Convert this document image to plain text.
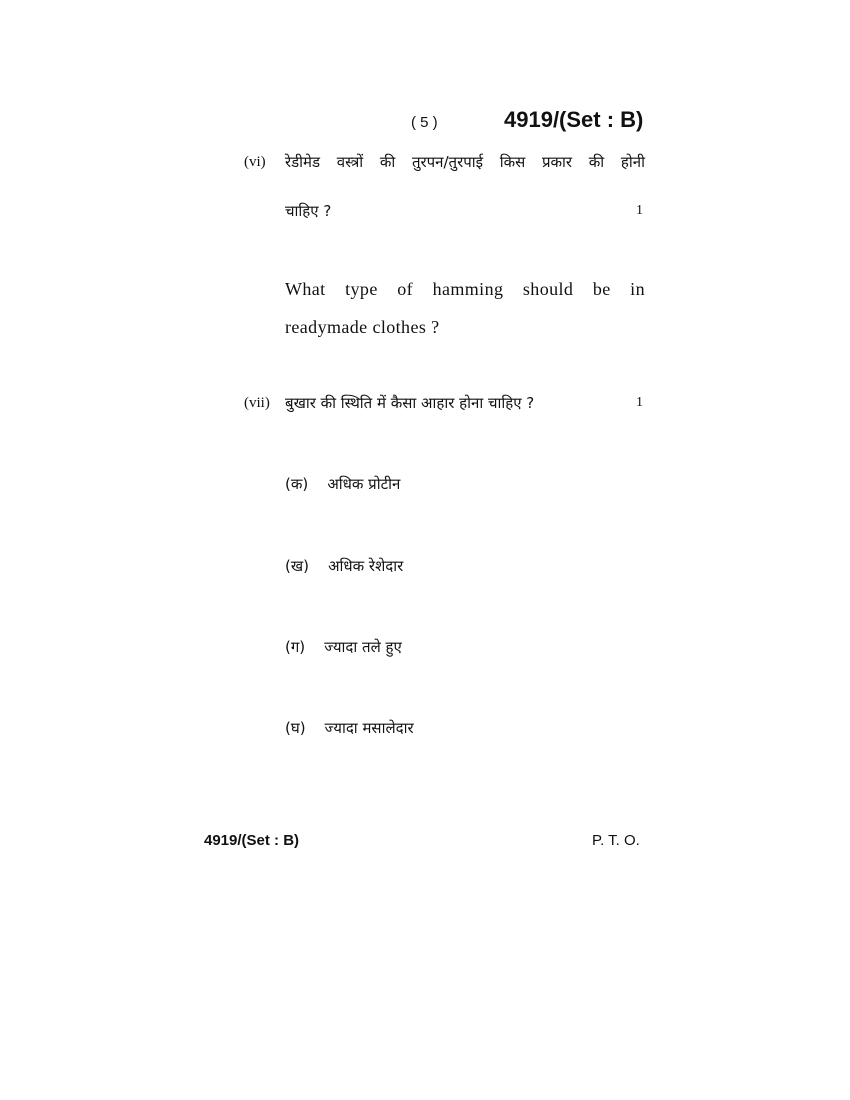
( 5 )	4919/(Set : B)
(vi) रेडीमेड वस्त्रों की तुरपन/तुरपाई किस प्रकार की होनी
चाहिए ?	1
What type of hamming should be in
readymade clothes ?
(vii) बुखार की स्थिति में कैसा आहार होना चाहिए ?	1
(क) अधिक प्रोटीन
(ख) अधिक रेशेदार
(ग) ज्यादा तले हुए
(घ) ज्यादा मसालेदार
4919/(Set : B)	P. T. O.
